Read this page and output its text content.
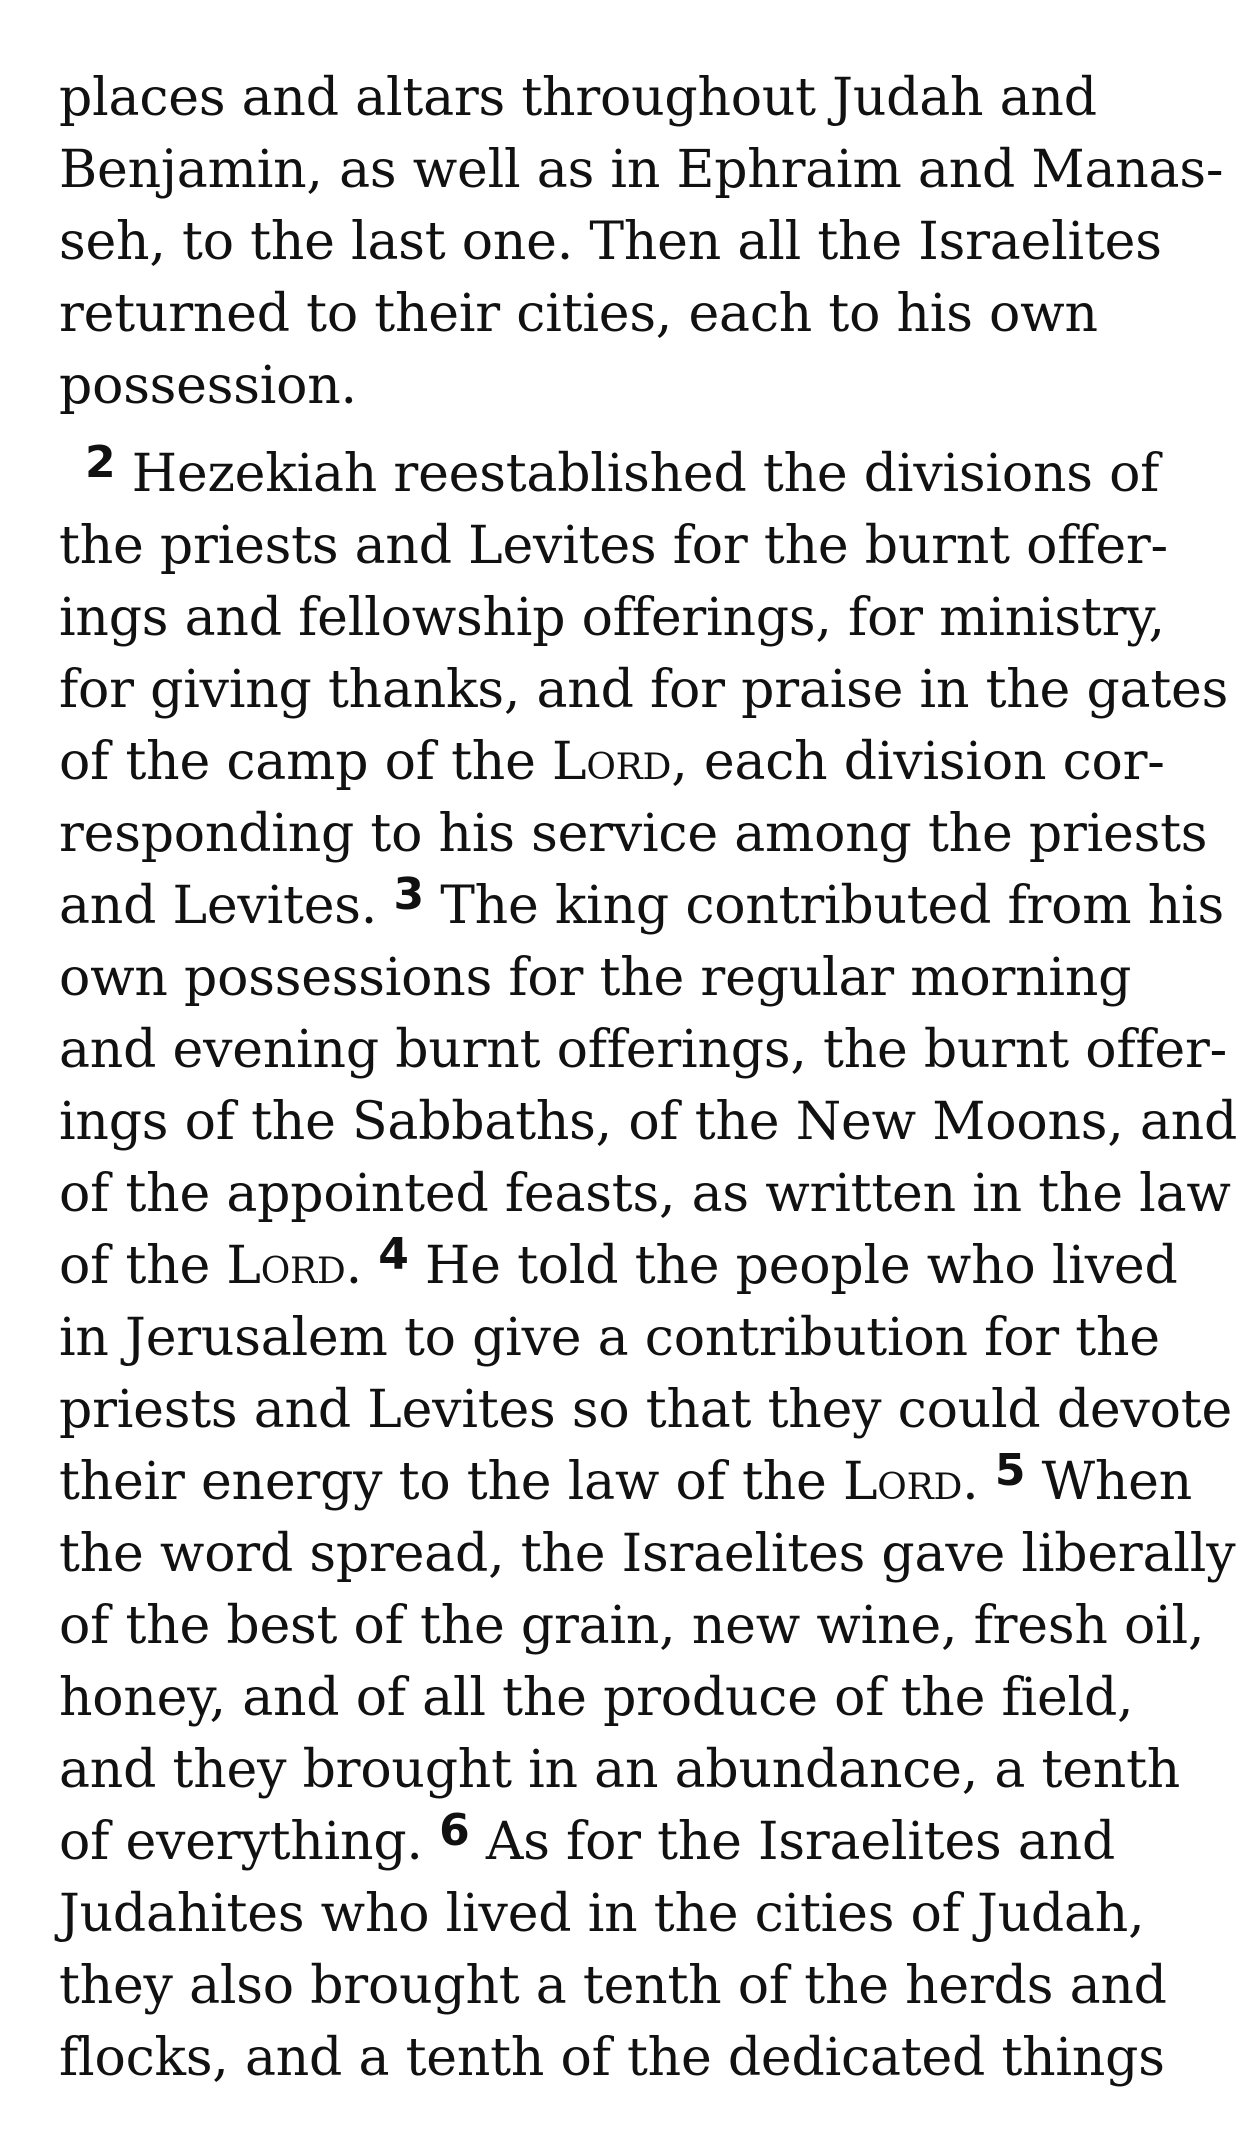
places and altars throughout Judah and
Benjamin, as well as in Ephraim and Manas-
seh, to the last one. Then all the Israelites
returned to their cities, each to his own
possession.
$^2$ Hezekiah reestablished the divisions of
the priests and Levites for the burnt offer-
ings and fellowship offerings, for ministry,
for giving thanks, and for praise in the gates
of the camp of the Lord, each division cor-
responding to his service among the priests
and Levites. $^3$ The king contributed from his
own possessions for the regular morning
and evening burnt offerings, the burnt offer-
ings of the Sabbaths, of the New Moons, and
of the appointed feasts, as written in the law
of the Lord. $^4$ He told the people who lived
in Jerusalem to give a contribution for the
priests and Levites so that they could devote
their energy to the law of the Lord. $^5$ When
the word spread, the Israelites gave liberally
of the best of the grain, new wine, fresh oil,
honey, and of all the produce of the field,
and they brought in an abundance, a tenth
of everything. $^6$ As for the Israelites and
Judahites who lived in the cities of Judah,
they also brought a tenth of the herds and
flocks, and a tenth of the dedicated things
